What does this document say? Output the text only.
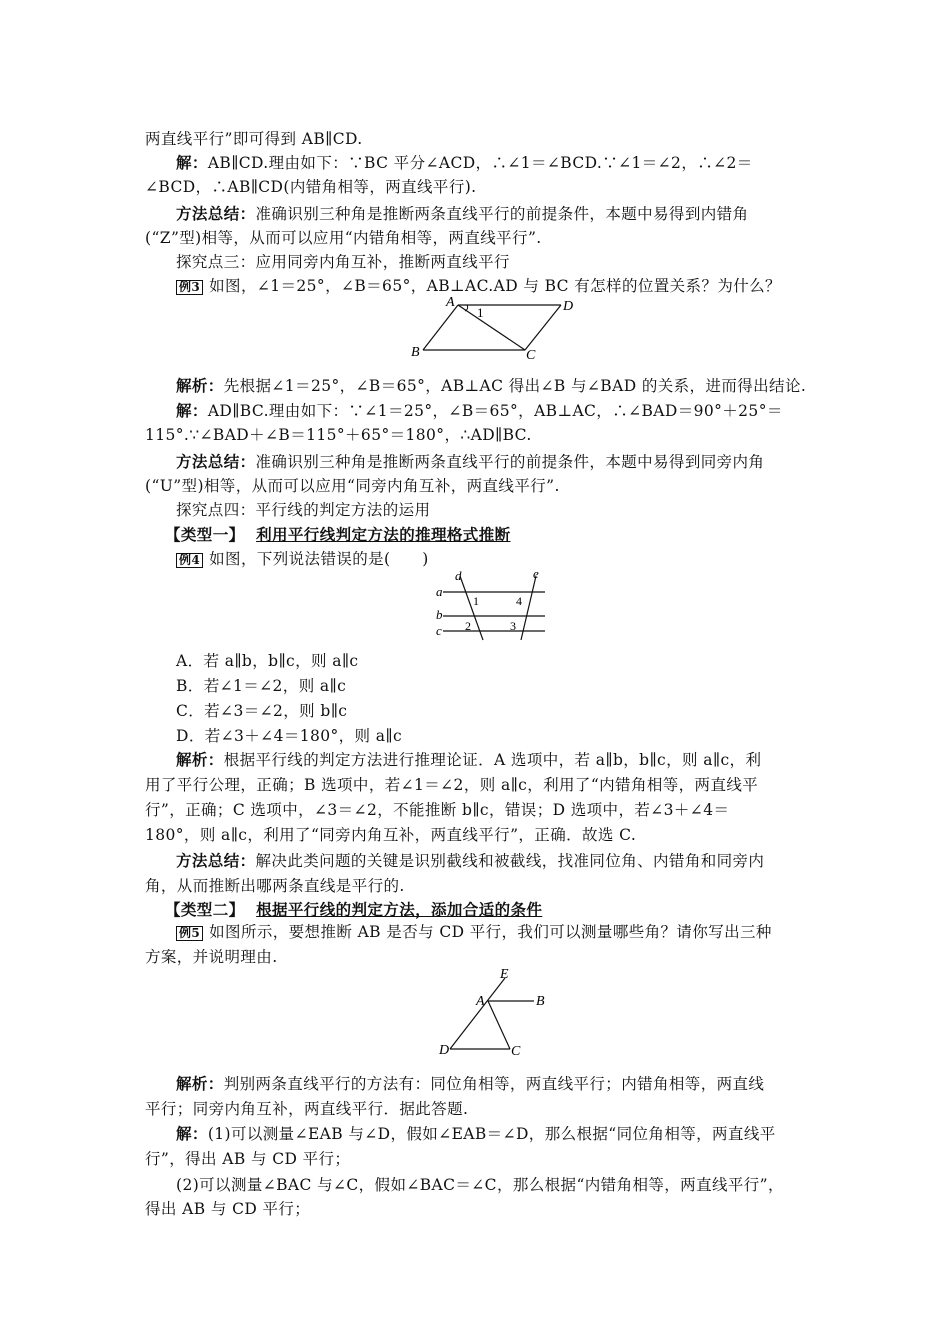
两直线平行”即可得到 AB∥CD.
解：AB∥CD.理由如下：∵BC 平分∠ACD，∴∠1＝∠BCD.∵∠1＝∠2，∴∠2＝
∠BCD，∴AB∥CD(内错角相等，两直线平行).
方法总结：准确识别三种角是推断两条直线平行的前提条件，本题中易得到内错角
(“Z”型)相等，从而可以应用“内错角相等，两直线平行”.
探究点三：应用同旁内角互补，推断两直线平行
例3 如图，∠1＝25°，∠B＝65°，AB⊥AC.AD 与 BC 有怎样的位置关系？为什么？
A	D
B	C
1
解析：先根据∠1＝25°，∠B＝65°，AB⊥AC 得出∠B 与∠BAD 的关系，进而得出结论.
解：AD∥BC.理由如下：∵∠1＝25°，∠B＝65°，AB⊥AC，∴∠BAD＝90°＋25°＝
115°.∵∠BAD＋∠B＝115°＋65°＝180°，∴AD∥BC.
方法总结：准确识别三种角是推断两条直线平行的前提条件，本题中易得到同旁内角
(“U”型)相等，从而可以应用“同旁内角互补，两直线平行”.
探究点四：平行线的判定方法的运用
【类型一】 利用平行线判定方法的推理格式推断
例4 如图，下列说法错误的是(　　)
d	e
a
b
c
1	4
2	3
A．若 a∥b，b∥c，则 a∥c
B．若∠1＝∠2，则 a∥c
C．若∠3＝∠2，则 b∥c
D．若∠3＋∠4＝180°，则 a∥c
解析：根据平行线的判定方法进行推理论证．A 选项中，若 a∥b，b∥c，则 a∥c，利
用了平行公理，正确；B 选项中，若∠1＝∠2，则 a∥c，利用了“内错角相等，两直线平
行”，正确；C 选项中，∠3＝∠2，不能推断 b∥c，错误；D 选项中，若∠3＋∠4＝
180°，则 a∥c，利用了“同旁内角互补，两直线平行”，正确．故选 C.
方法总结：解决此类问题的关键是识别截线和被截线，找准同位角、内错角和同旁内
角，从而推断出哪两条直线是平行的.
【类型二】 根据平行线的判定方法，添加合适的条件
例5 如图所示，要想推断 AB 是否与 CD 平行，我们可以测量哪些角？请你写出三种
方案，并说明理由.
E
A	B
D	C
解析：判别两条直线平行的方法有：同位角相等，两直线平行；内错角相等，两直线
平行；同旁内角互补，两直线平行．据此答题.
解：(1)可以测量∠EAB 与∠D，假如∠EAB＝∠D，那么根据“同位角相等，两直线平
行”，得出 AB 与 CD 平行；
(2)可以测量∠BAC 与∠C，假如∠BAC＝∠C，那么根据“内错角相等，两直线平行”，
得出 AB 与 CD 平行；
